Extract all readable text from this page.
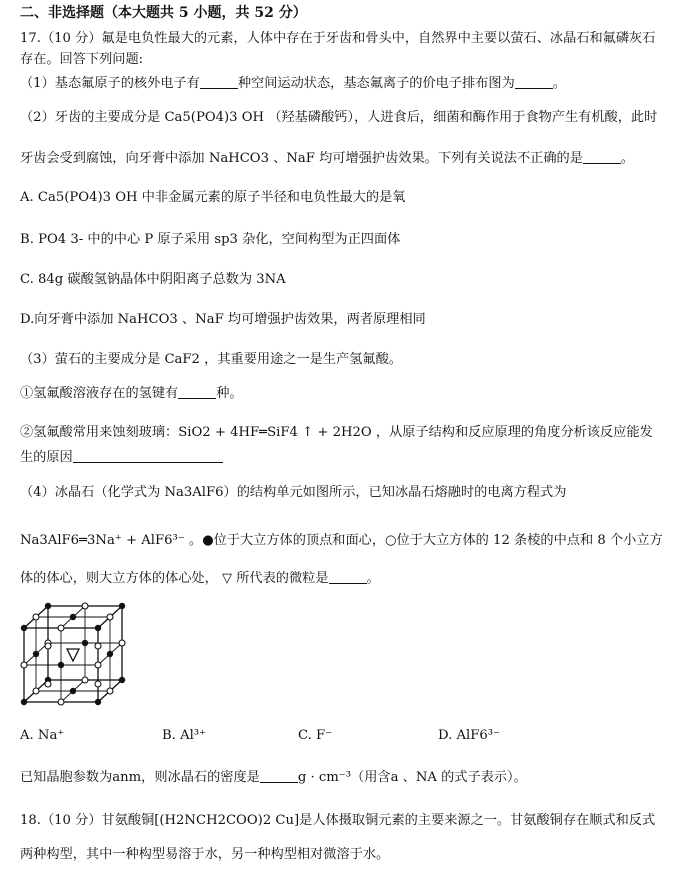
二、非选择题（本大题共 5 小题，共 52 分）
17.（10 分）氟是电负性最大的元素，人体中存在于牙齿和骨头中，自然界中主要以萤石、冰晶石和氟磷灰石
存在。回答下列问题:
（1）基态氟原子的核外电子有	种空间运动状态，基态氟离子的价电子排布图为	。
（2）牙齿的主要成分是 Ca5(PO4)3 OH （羟基磷酸钙），人进食后，细菌和酶作用于食物产生有机酸，此时
牙齿会受到腐蚀，向牙膏中添加 NaHCO3 、NaF 均可增强护齿效果。下列有关说法不正确的是	。
A. Ca5(PO4)3 OH 中非金属元素的原子半径和电负性最大的是氧
B. PO4 3- 中的中心 P 原子采用 sp3 杂化，空间构型为正四面体
C. 84g 碳酸氢钠晶体中阴阳离子总数为 3NA
D.向牙膏中添加 NaHCO3 、NaF 均可增强护齿效果，两者原理相同
（3）萤石的主要成分是 CaF2 ，其重要用途之一是生产氢氟酸。
①氢氟酸溶液存在的氢键有	种。
②氢氟酸常用来蚀刻玻璃：SiO2 + 4HF═SiF4 ↑ + 2H2O ，从原子结构和反应原理的角度分析该反应能发
生的原因
（4）冰晶石（化学式为 Na3AlF6）的结构单元如图所示，已知冰晶石熔融时的电离方程式为
Na3AlF6═3Na⁺ + AlF6³⁻ 。●位于大立方体的顶点和面心，○位于大立方体的 12 条棱的中点和 8 个小立方
体的体心，则大立方体的体心处， ▽ 所代表的微粒是	。
A. Na⁺	B. Al³⁺	C. F⁻	D. AlF6³⁻
已知晶胞参数为anm，则冰晶石的密度是	g · cm⁻³（用含a 、NA 的式子表示）。
18.（10 分）甘氨酸铜[(H2NCH2COO)2 Cu]是人体摄取铜元素的主要来源之一。甘氨酸铜存在顺式和反式
两种构型，其中一种构型易溶于水，另一种构型相对微溶于水。
